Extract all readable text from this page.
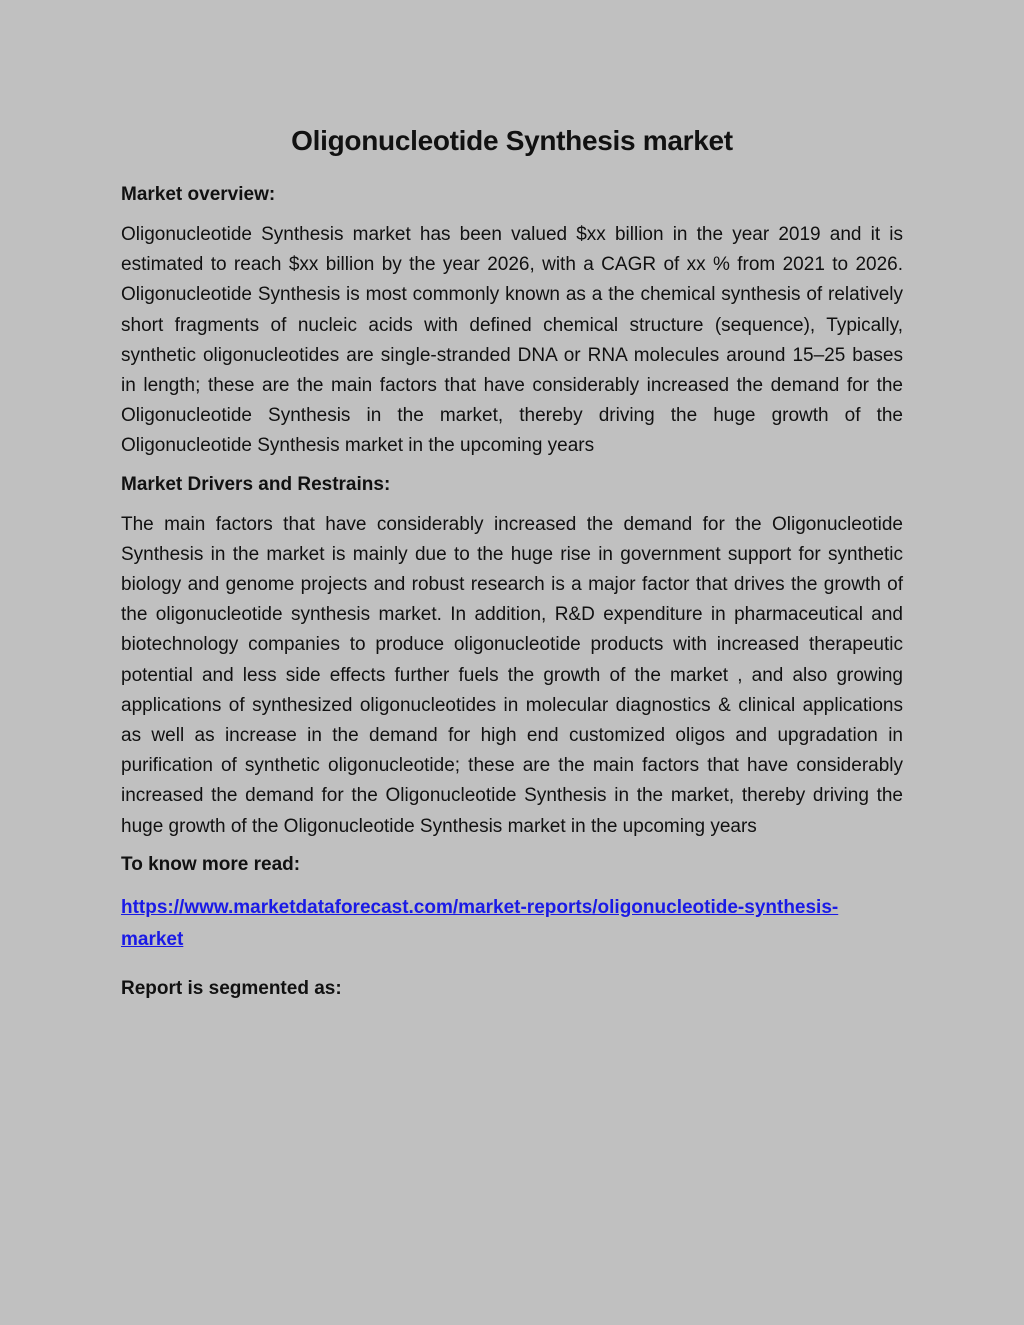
Oligonucleotide Synthesis market
Market overview:

Oligonucleotide Synthesis market has been valued $xx billion in the year 2019 and it is estimated to reach $xx billion by the year 2026, with a CAGR of xx % from 2021 to 2026. Oligonucleotide Synthesis is most commonly known as a the chemical synthesis of relatively short fragments of nucleic acids with defined chemical structure (sequence), Typically, synthetic oligonucleotides are single-stranded DNA or RNA molecules around 15–25 bases in length; these are the main factors that have considerably increased the demand for the Oligonucleotide Synthesis in the market, thereby driving the huge growth of the Oligonucleotide Synthesis market in the upcoming years

Market Drivers and Restrains:

The main factors that have considerably increased the demand for the Oligonucleotide Synthesis in the market is mainly due to the huge rise in government support for synthetic biology and genome projects and robust research is a major factor that drives the growth of the oligonucleotide synthesis market. In addition, R&D expenditure in pharmaceutical and biotechnology companies to produce oligonucleotide products with increased therapeutic potential and less side effects further fuels the growth of the market , and also growing applications of synthesized oligonucleotides in molecular diagnostics & clinical applications as well as increase in the demand for high end customized oligos and upgradation in purification of synthetic oligonucleotide; these are the main factors that have considerably increased the demand for the Oligonucleotide Synthesis in the market, thereby driving the huge growth of the Oligonucleotide Synthesis market in the upcoming years

To know more read:
https://www.marketdataforecast.com/market-reports/oligonucleotide-synthesis-market
Report is segmented as:
